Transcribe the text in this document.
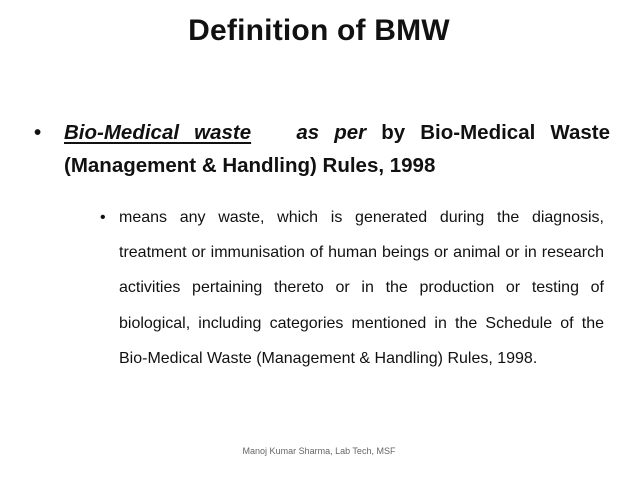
Definition of BMW
•	Bio-Medical waste as per by Bio-Medical Waste (Management & Handling) Rules, 1998
• means any waste, which is generated during the diagnosis, treatment or immunisation of human beings or animal or in research activities pertaining thereto or in the production or testing of biological, including categories mentioned in the Schedule of the Bio-Medical Waste (Management & Handling) Rules, 1998.
Manoj Kumar Sharma, Lab Tech, MSF
